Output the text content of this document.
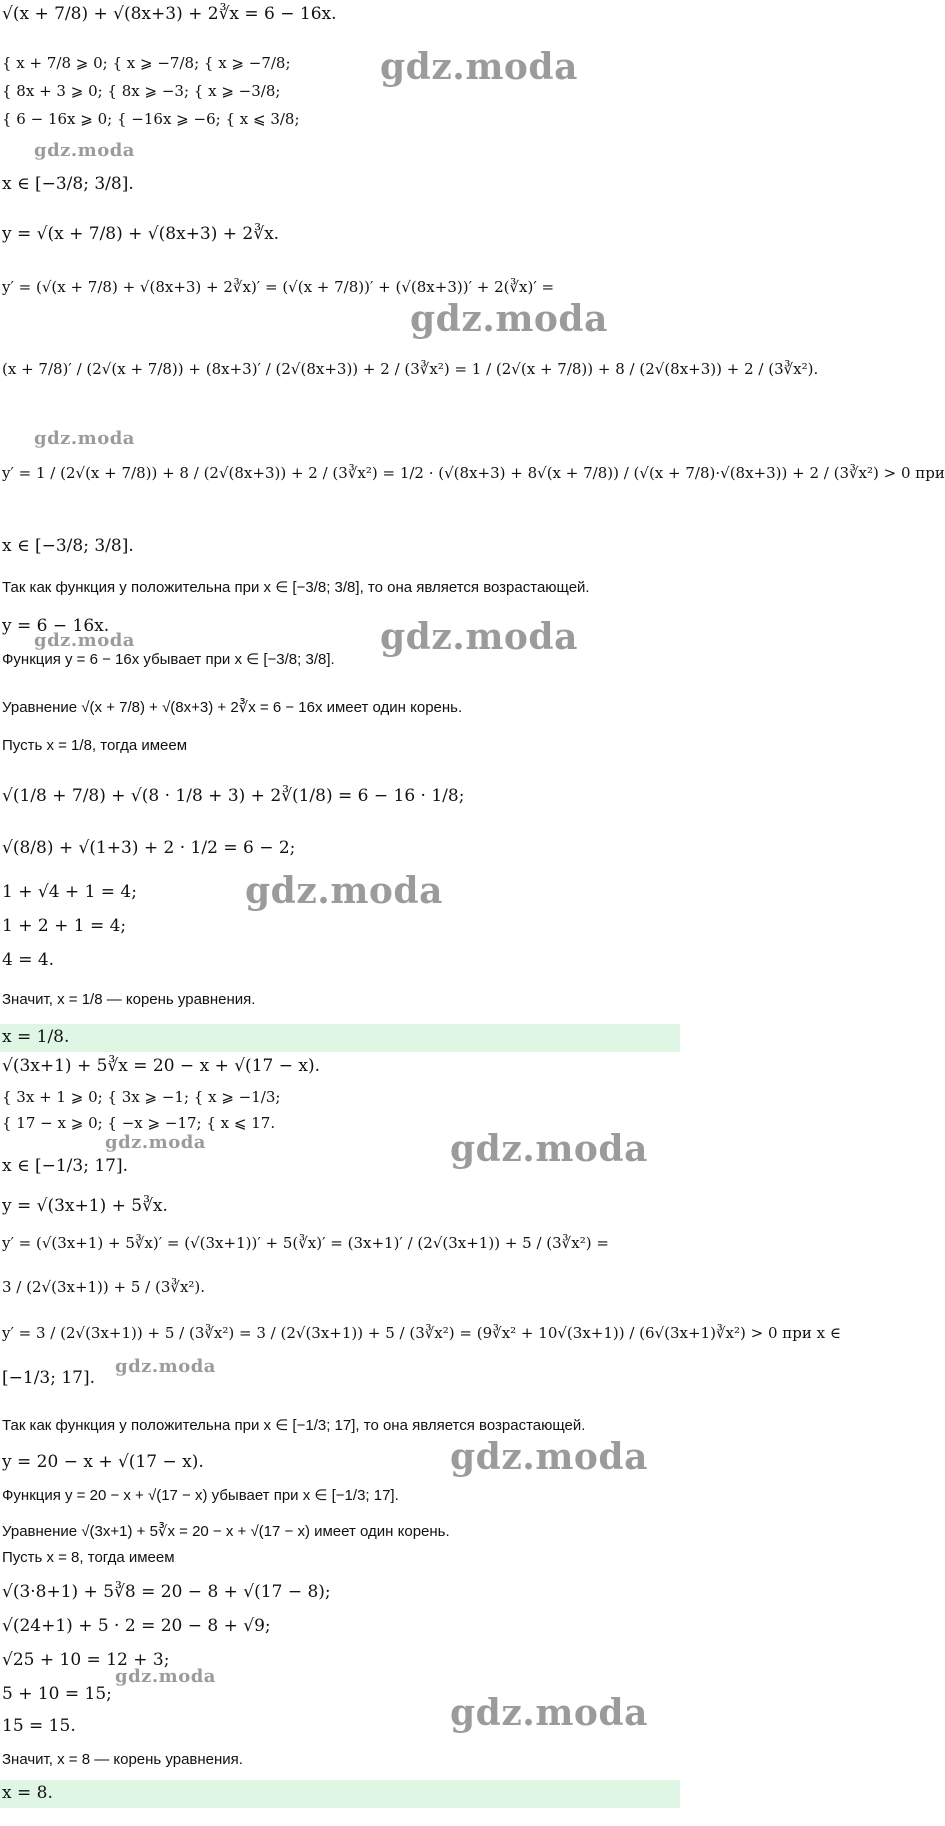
√(x + 7/8) + √(8x+3) + 2∛x = 6 − 16x.
{ x + 7/8 ⩾ 0; { x ⩾ −7/8; { x ⩾ −7/8;
{ 8x + 3 ⩾ 0; { 8x ⩾ −3; { x ⩾ −3/8;
{ 6 − 16x ⩾ 0; { −16x ⩾ −6; { x ⩽ 3/8;
x ∈ [−3/8; 3/8].
y = √(x + 7/8) + √(8x+3) + 2∛x.
y′ = (√(x + 7/8) + √(8x+3) + 2∛x)′ = (√(x + 7/8))′ + (√(8x+3))′ + 2(∛x)′ =
(x + 7/8)′ / (2√(x + 7/8)) + (8x+3)′ / (2√(8x+3)) + 2 / (3∛x²) = 1 / (2√(x + 7/8)) + 8 / (2√(8x+3)) + 2 / (3∛x²).
y′ = 1 / (2√(x + 7/8)) + 8 / (2√(8x+3)) + 2 / (3∛x²) = 1/2 · (√(8x+3) + 8√(x + 7/8)) / (√(x + 7/8)·√(8x+3)) + 2 / (3∛x²) > 0 при
x ∈ [−3/8; 3/8].
Так как функция y положительна при x ∈ [−3/8; 3/8], то она является возрастающей.
y = 6 − 16x.
Функция y = 6 − 16x убывает при x ∈ [−3/8; 3/8].
Уравнение √(x + 7/8) + √(8x+3) + 2∛x = 6 − 16x имеет один корень.
Пусть x = 1/8, тогда имеем
√(1/8 + 7/8) + √(8 · 1/8 + 3) + 2∛(1/8) = 6 − 16 · 1/8;
√(8/8) + √(1+3) + 2 · 1/2 = 6 − 2;
1 + √4 + 1 = 4;
1 + 2 + 1 = 4;
4 = 4.
Значит, x = 1/8 — корень уравнения.
x = 1/8.
√(3x+1) + 5∛x = 20 − x + √(17 − x).
{ 3x + 1 ⩾ 0; { 3x ⩾ −1; { x ⩾ −1/3;
{ 17 − x ⩾ 0; { −x ⩾ −17; { x ⩽ 17.
x ∈ [−1/3; 17].
y = √(3x+1) + 5∛x.
y′ = (√(3x+1) + 5∛x)′ = (√(3x+1))′ + 5(∛x)′ = (3x+1)′ / (2√(3x+1)) + 5 / (3∛x²) =
3 / (2√(3x+1)) + 5 / (3∛x²).
y′ = 3 / (2√(3x+1)) + 5 / (3∛x²) = 3 / (2√(3x+1)) + 5 / (3∛x²) = (9∛x² + 10√(3x+1)) / (6√(3x+1)∛x²) > 0 при x ∈
[−1/3; 17].
Так как функция y положительна при x ∈ [−1/3; 17], то она является возрастающей.
y = 20 − x + √(17 − x).
Функция y = 20 − x + √(17 − x) убывает при x ∈ [−1/3; 17].
Уравнение √(3x+1) + 5∛x = 20 − x + √(17 − x) имеет один корень.
Пусть x = 8, тогда имеем
√(3·8+1) + 5∛8 = 20 − 8 + √(17 − 8);
√(24+1) + 5 · 2 = 20 − 8 + √9;
√25 + 10 = 12 + 3;
5 + 10 = 15;
15 = 15.
Значит, x = 8 — корень уравнения.
x = 8.
gdz.moda
gdz.moda
gdz.moda
gdz.moda
gdz.moda
gdz.moda
gdz.moda
gdz.moda	gdz.moda
gdz.moda
gdz.moda
gdz.moda
gdz.moda
